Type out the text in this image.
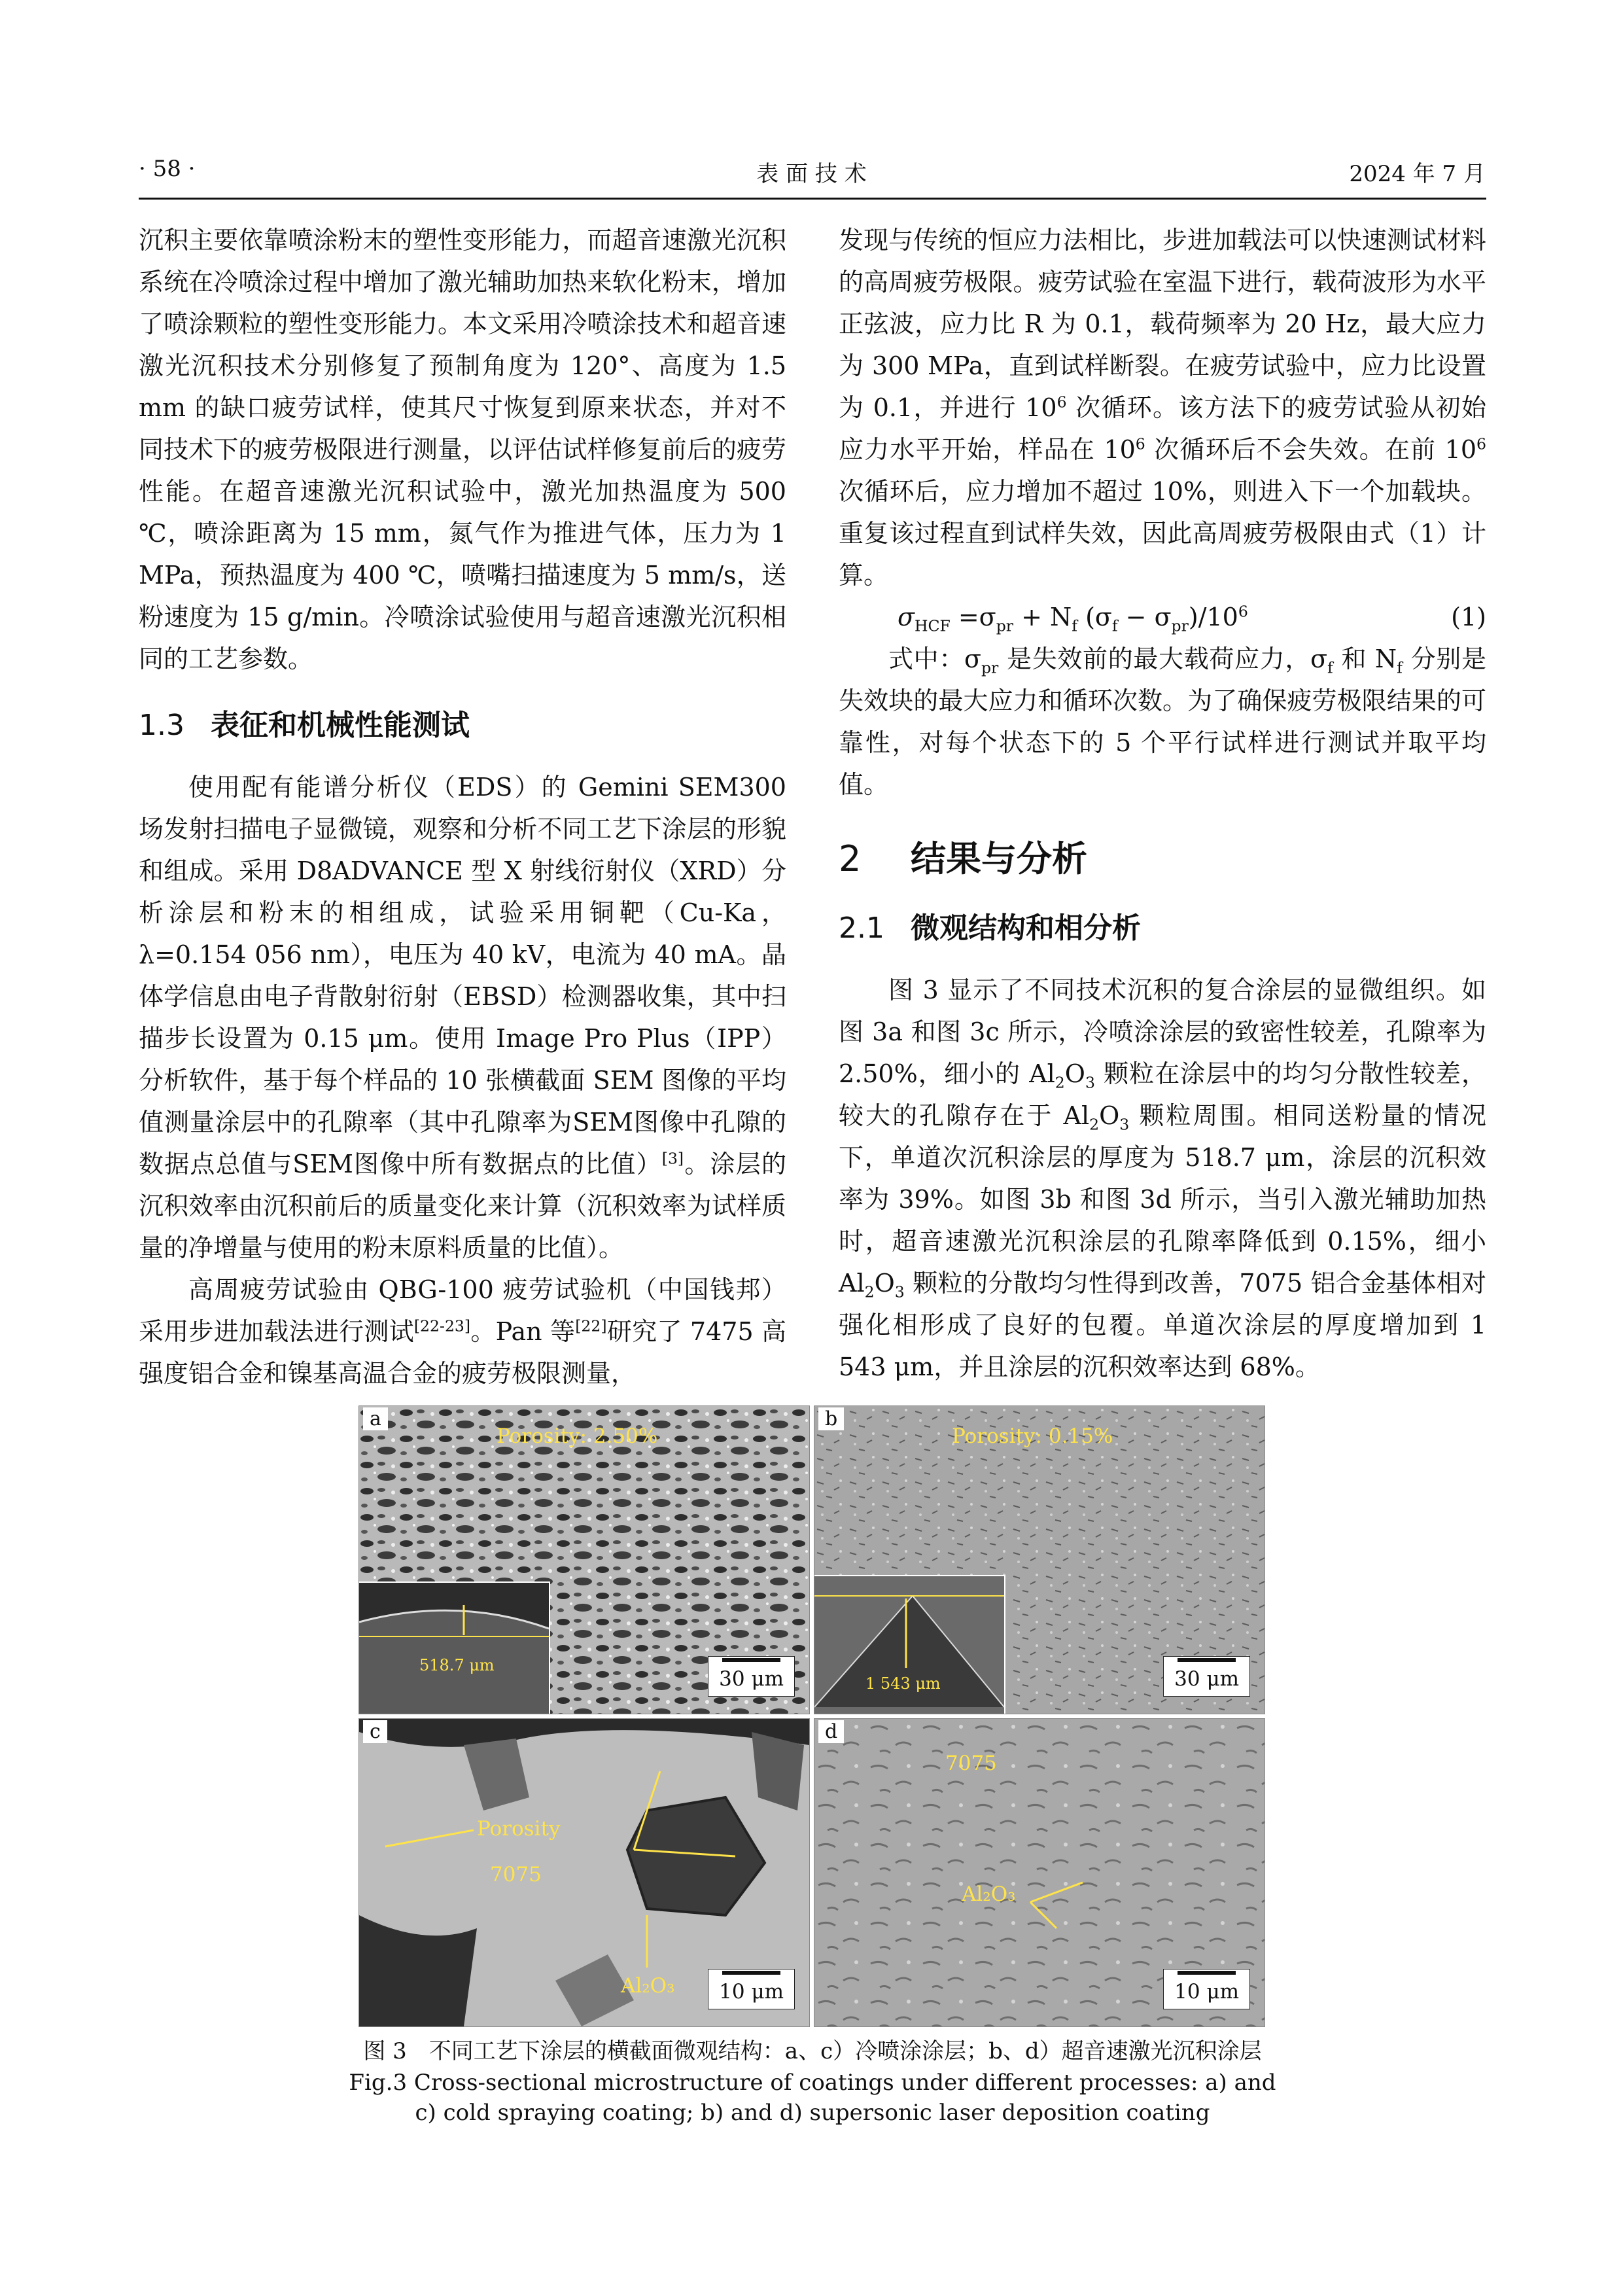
· 58 ·	表 面 技 术	2024 年 7 月

沉积主要依靠喷涂粉末的塑性变形能力，而超音速激光沉积系统在冷喷涂过程中增加了激光辅助加热来软化粉末，增加了喷涂颗粒的塑性变形能力。本文采用冷喷涂技术和超音速激光沉积技术分别修复了预制角度为 120°、高度为 1.5 mm 的缺口疲劳试样，使其尺寸恢复到原来状态，并对不同技术下的疲劳极限进行测量，以评估试样修复前后的疲劳性能。在超音速激光沉积试验中，激光加热温度为 500 ℃，喷涂距离为 15 mm，氮气作为推进气体，压力为 1 MPa，预热温度为 400 ℃，喷嘴扫描速度为 5 mm/s，送粉速度为 15 g/min。冷喷涂试验使用与超音速激光沉积相同的工艺参数。

1.3 表征和机械性能测试

使用配有能谱分析仪（EDS）的 Gemini SEM300 场发射扫描电子显微镜，观察和分析不同工艺下涂层的形貌和组成。采用 D8ADVANCE 型 X 射线衍射仪（XRD）分析涂层和粉末的相组成，试验采用铜靶（Cu-Ka，λ=0.154 056 nm），电压为 40 kV，电流为 40 mA。晶体学信息由电子背散射衍射（EBSD）检测器收集，其中扫描步长设置为 0.15 μm。使用 Image Pro Plus（IPP）分析软件，基于每个样品的 10 张横截面 SEM 图像的平均值测量涂层中的孔隙率（其中孔隙率为SEM图像中孔隙的数据点总值与SEM图像中所有数据点的比值）[3]。涂层的沉积效率由沉积前后的质量变化来计算（沉积效率为试样质量的净增量与使用的粉末原料质量的比值）。

高周疲劳试验由 QBG-100 疲劳试验机（中国钱邦）采用步进加载法进行测试[22-23]。Pan 等[22]研究了 7475 高强度铝合金和镍基高温合金的疲劳极限测量，

发现与传统的恒应力法相比，步进加载法可以快速测试材料的高周疲劳极限。疲劳试验在室温下进行，载荷波形为水平正弦波，应力比 R 为 0.1，载荷频率为 20 Hz，最大应力为 300 MPa，直到试样断裂。在疲劳试验中，应力比设置为 0.1，并进行 $10^6$ 次循环。该方法下的疲劳试验从初始应力水平开始，样品在 $10^6$ 次循环后不会失效。在前 $10^6$ 次循环后，应力增加不超过 10%，则进入下一个加载块。重复该过程直到试样失效，因此高周疲劳极限由式（1）计算。

$\sigma_{HCF} =\sigma_{pr} + N_f$ $(\sigma_f - \sigma_{pr})/10^6$	(1)

式中：$\sigma_{pr}$ 是失效前的最大载荷应力，$\sigma_f$ 和 $N_f$ 分别是失效块的最大应力和循环次数。为了确保疲劳极限结果的可靠性，对每个状态下的 5 个平行试样进行测试并取平均值。

2 结果与分析
2.1 微观结构和相分析

图 3 显示了不同技术沉积的复合涂层的显微组织。如图 3a 和图 3c 所示，冷喷涂涂层的致密性较差，孔隙率为 2.50%，细小的 $Al_2O_3$ 颗粒在涂层中的均匀分散性较差，较大的孔隙存在于 $Al_2O_3$ 颗粒周围。相同送粉量的情况下，单道次沉积涂层的厚度为 518.7 μm，涂层的沉积效率为 39%。如图 3b 和图 3d 所示，当引入激光辅助加热时，超音速激光沉积涂层的孔隙率降低到 0.15%，细小 $Al_2O_3$ 颗粒的分散均匀性得到改善，7075 铝合金基体相对强化相形成了良好的包覆。单道次涂层的厚度增加到 1 543 μm，并且涂层的沉积效率达到 68%。

a
Porosity: 2.50%
518.7 μm
30 μm
b
Porosity: 0.15%
1 543 μm	30 μm
c
Porosity
7075
Al₂O₃	10 μm
d
7075
Al₂O₃
10 μm
图 3　不同工艺下涂层的横截面微观结构：a、c）冷喷涂涂层；b、d）超音速激光沉积涂层
Fig.3 Cross-sectional microstructure of coatings under different processes: a) and
c) cold spraying coating; b) and d) supersonic laser deposition coating
